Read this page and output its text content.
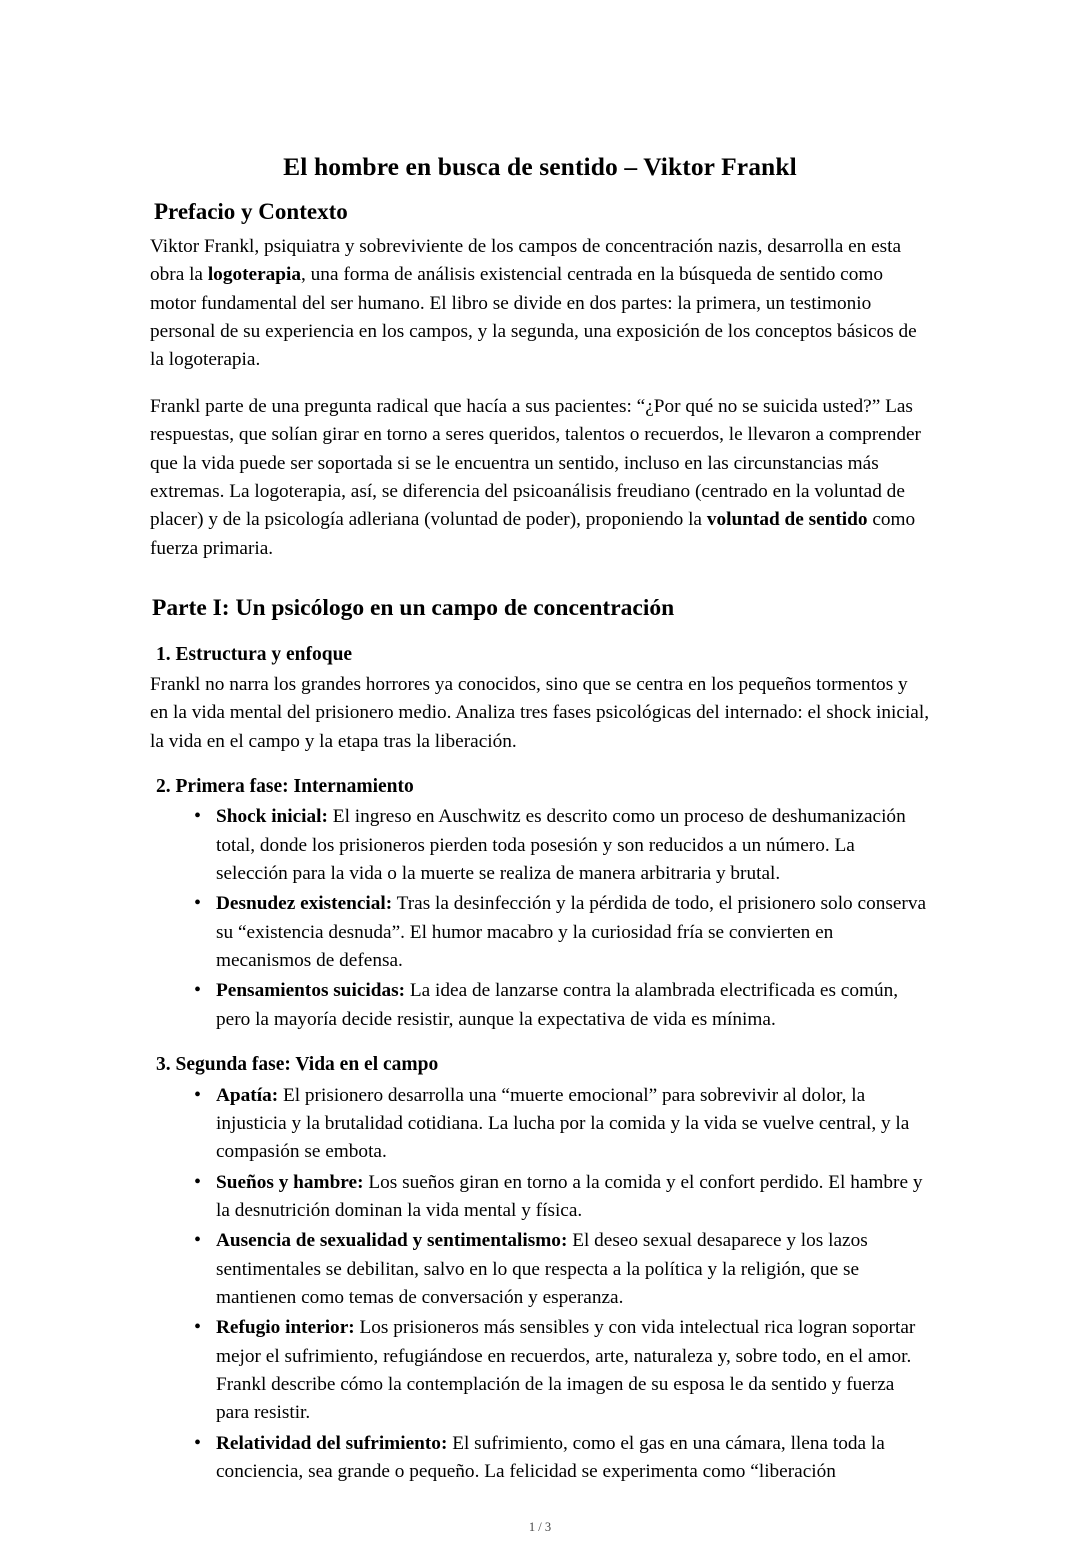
El hombre en busca de sentido – Viktor Frankl
Prefacio y Contexto

Viktor Frankl, psiquiatra y sobreviviente de los campos de concentración nazis, desarrolla en esta obra la logoterapia, una forma de análisis existencial centrada en la búsqueda de sentido como motor fundamental del ser humano. El libro se divide en dos partes: la primera, un testimonio personal de su experiencia en los campos, y la segunda, una exposición de los conceptos básicos de la logoterapia.

Frankl parte de una pregunta radical que hacía a sus pacientes: “¿Por qué no se suicida usted?” Las respuestas, que solían girar en torno a seres queridos, talentos o recuerdos, le llevaron a comprender que la vida puede ser soportada si se le encuentra un sentido, incluso en las circunstancias más extremas. La logoterapia, así, se diferencia del psicoanálisis freudiano (centrado en la voluntad de placer) y de la psicología adleriana (voluntad de poder), proponiendo la voluntad de sentido como fuerza primaria.

Parte I: Un psicólogo en un campo de concentración
1. Estructura y enfoque

Frankl no narra los grandes horrores ya conocidos, sino que se centra en los pequeños tormentos y en la vida mental del prisionero medio. Analiza tres fases psicológicas del internado: el shock inicial, la vida en el campo y la etapa tras la liberación.

2. Primera fase: Internamiento
• Shock inicial: El ingreso en Auschwitz es descrito como un proceso de deshumanización total, donde los prisioneros pierden toda posesión y son reducidos a un número. La selección para la vida o la muerte se realiza de manera arbitraria y brutal.
• Desnudez existencial: Tras la desinfección y la pérdida de todo, el prisionero solo conserva su “existencia desnuda”. El humor macabro y la curiosidad fría se convierten en mecanismos de defensa.
• Pensamientos suicidas: La idea de lanzarse contra la alambrada electrificada es común, pero la mayoría decide resistir, aunque la expectativa de vida es mínima.
3. Segunda fase: Vida en el campo
• Apatía: El prisionero desarrolla una “muerte emocional” para sobrevivir al dolor, la injusticia y la brutalidad cotidiana. La lucha por la comida y la vida se vuelve central, y la compasión se embota.
• Sueños y hambre: Los sueños giran en torno a la comida y el confort perdido. El hambre y la desnutrición dominan la vida mental y física.
• Ausencia de sexualidad y sentimentalismo: El deseo sexual desaparece y los lazos sentimentales se debilitan, salvo en lo que respecta a la política y la religión, que se mantienen como temas de conversación y esperanza.
• Refugio interior: Los prisioneros más sensibles y con vida intelectual rica logran soportar mejor el sufrimiento, refugiándose en recuerdos, arte, naturaleza y, sobre todo, en el amor. Frankl describe cómo la contemplación de la imagen de su esposa le da sentido y fuerza para resistir.
• Relatividad del sufrimiento: El sufrimiento, como el gas en una cámara, llena toda la conciencia, sea grande o pequeño. La felicidad se experimenta como “liberación
1 / 3
